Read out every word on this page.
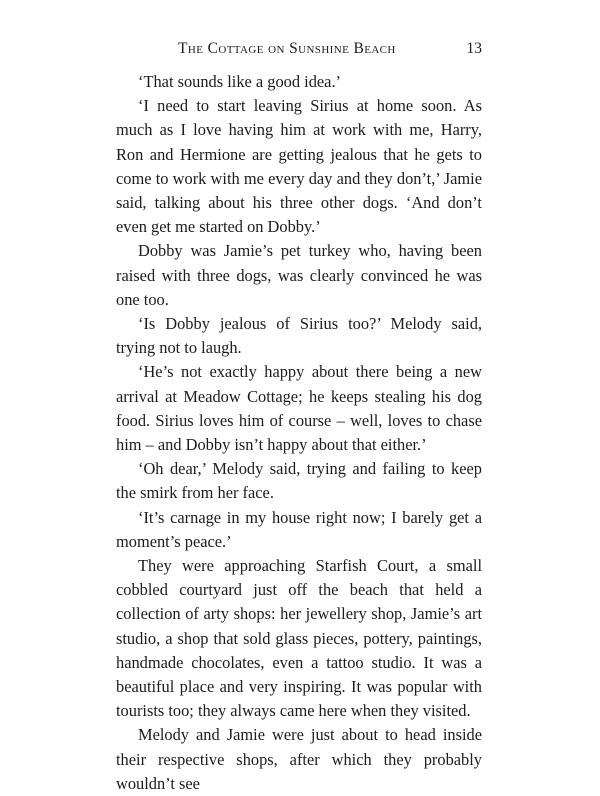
The Cottage on Sunshine Beach	13

‘That sounds like a good idea.’

‘I need to start leaving Sirius at home soon. As much as I love having him at work with me, Harry, Ron and Hermione are getting jealous that he gets to come to work with me every day and they don’t,’ Jamie said, talking about his three other dogs. ‘And don’t even get me started on Dobby.’

Dobby was Jamie’s pet turkey who, having been raised with three dogs, was clearly convinced he was one too.

‘Is Dobby jealous of Sirius too?’ Melody said, trying not to laugh.

‘He’s not exactly happy about there being a new arrival at Meadow Cottage; he keeps stealing his dog food. Sirius loves him of course – well, loves to chase him – and Dobby isn’t happy about that either.’

‘Oh dear,’ Melody said, trying and failing to keep the smirk from her face.

‘It’s carnage in my house right now; I barely get a moment’s peace.’

They were approaching Starfish Court, a small cobbled courtyard just off the beach that held a collection of arty shops: her jewellery shop, Jamie’s art studio, a shop that sold glass pieces, pottery, paintings, handmade chocolates, even a tattoo studio. It was a beautiful place and very inspiring. It was popular with tourists too; they always came here when they visited.

Melody and Jamie were just about to head inside their respective shops, after which they probably wouldn’t see
